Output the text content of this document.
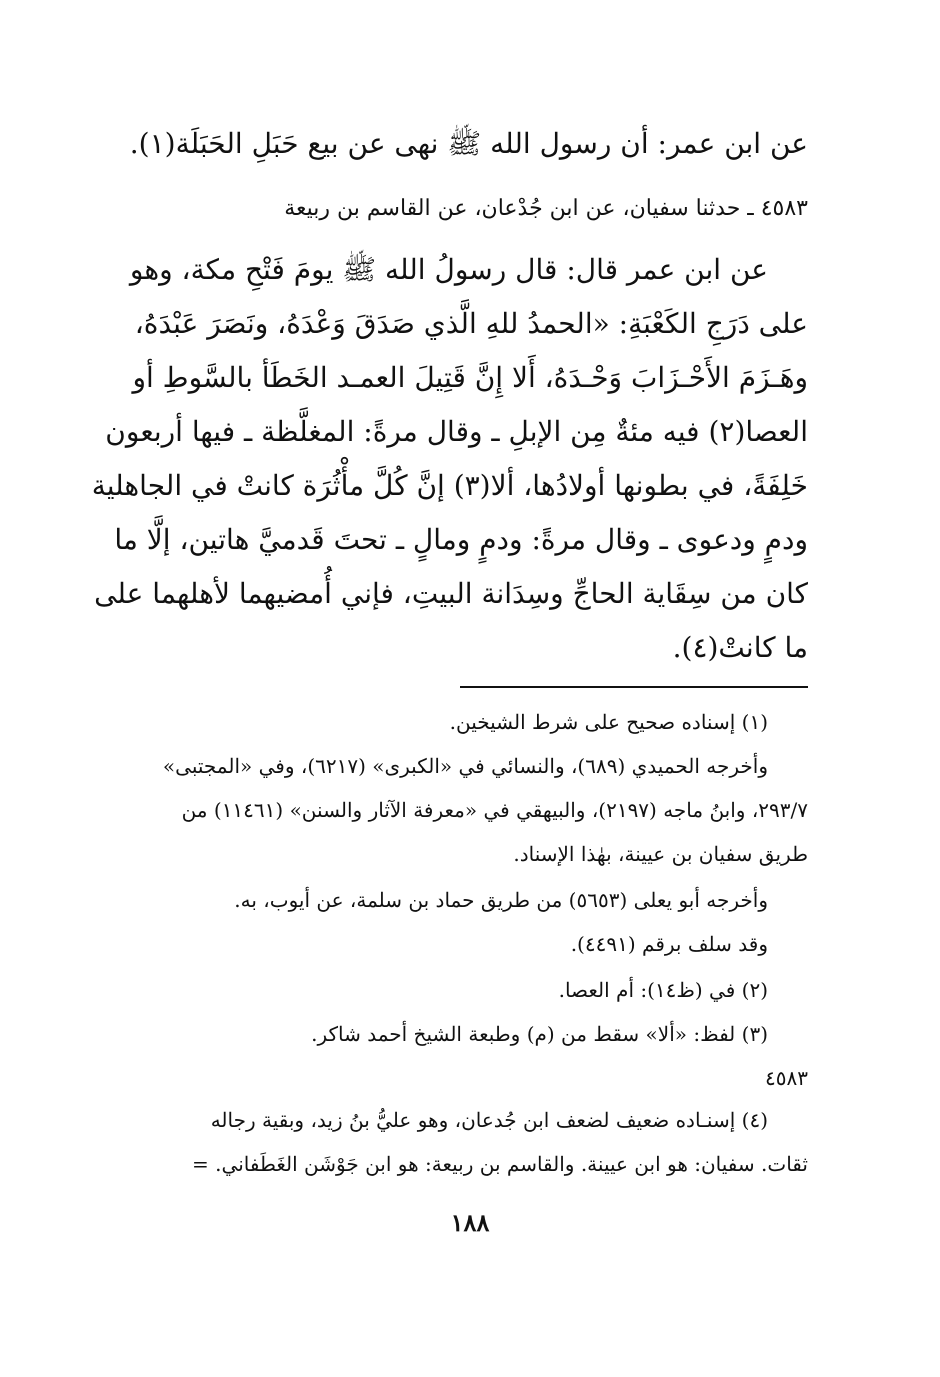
عن ابن عمر: أن رسول الله ﷺ نهى عن بيع حَبَلِ الحَبَلَة(١).
٤٥٨٣ ـ حدثنا سفيان، عن ابن جُدْعان، عن القاسم بن ربيعة
عن ابن عمر قال: قال رسولُ الله ﷺ يومَ فَتْحِ مكة، وهو
على دَرَجِ الكَعْبَةِ: «الحمدُ للهِ الَّذي صَدَقَ وَعْدَهُ، ونَصَرَ عَبْدَهُ،
وهَـزَمَ الأَحْـزَابَ وَحْـدَهُ، أَلا إِنَّ قَتِيلَ العمـد الخَطَأ بالسَّوطِ أو
العصا(٢) فيه مئةٌ مِن الإبلِ ـ وقال مرةً: المغلَّظة ـ فيها أربعون
خَلِفَةً، في بطونها أولادُها، ألا(٣) إنَّ كُلَّ مأْثُرَة كانتْ في الجاهلية
ودمٍ ودعوى ـ وقال مرةً: ودمٍ ومالٍ ـ تحتَ قَدميَّ هاتين، إلَّا ما
كان من سِقَاية الحاجِّ وسِدَانة البيتِ، فإني أُمضيهما لأهلهما على
ما كانتْ(٤).
(١) إسناده صحيح على شرط الشيخين.
وأخرجه الحميدي (٦٨٩)، والنسائي في «الكبرى» (٦٢١٧)، وفي «المجتبى»
٢٩٣/٧، وابنُ ماجه (٢١٩٧)، والبيهقي في «معرفة الآثار والسنن» (١١٤٦١) من
طريق سفيان بن عيينة، بهٰذا الإسناد.
وأخرجه أبو يعلى (٥٦٥٣) من طريق حماد بن سلمة، عن أيوب، به.
وقد سلف برقم (٤٤٩١).
(٢) في (ظ١٤): أم العصا.
(٣) لفظ: «ألا» سقط من (م) وطبعة الشيخ أحمد شاكر.
٤٥٨٣
(٤) إسنـاده ضعيف لضعف ابن جُدعان، وهو عليُّ بنُ زيد، وبقية رجاله
ثقات. سفيان: هو ابن عيينة. والقاسم بن ربيعة: هو ابن جَوْشَن الغَطَفاني. =
١٨٨
